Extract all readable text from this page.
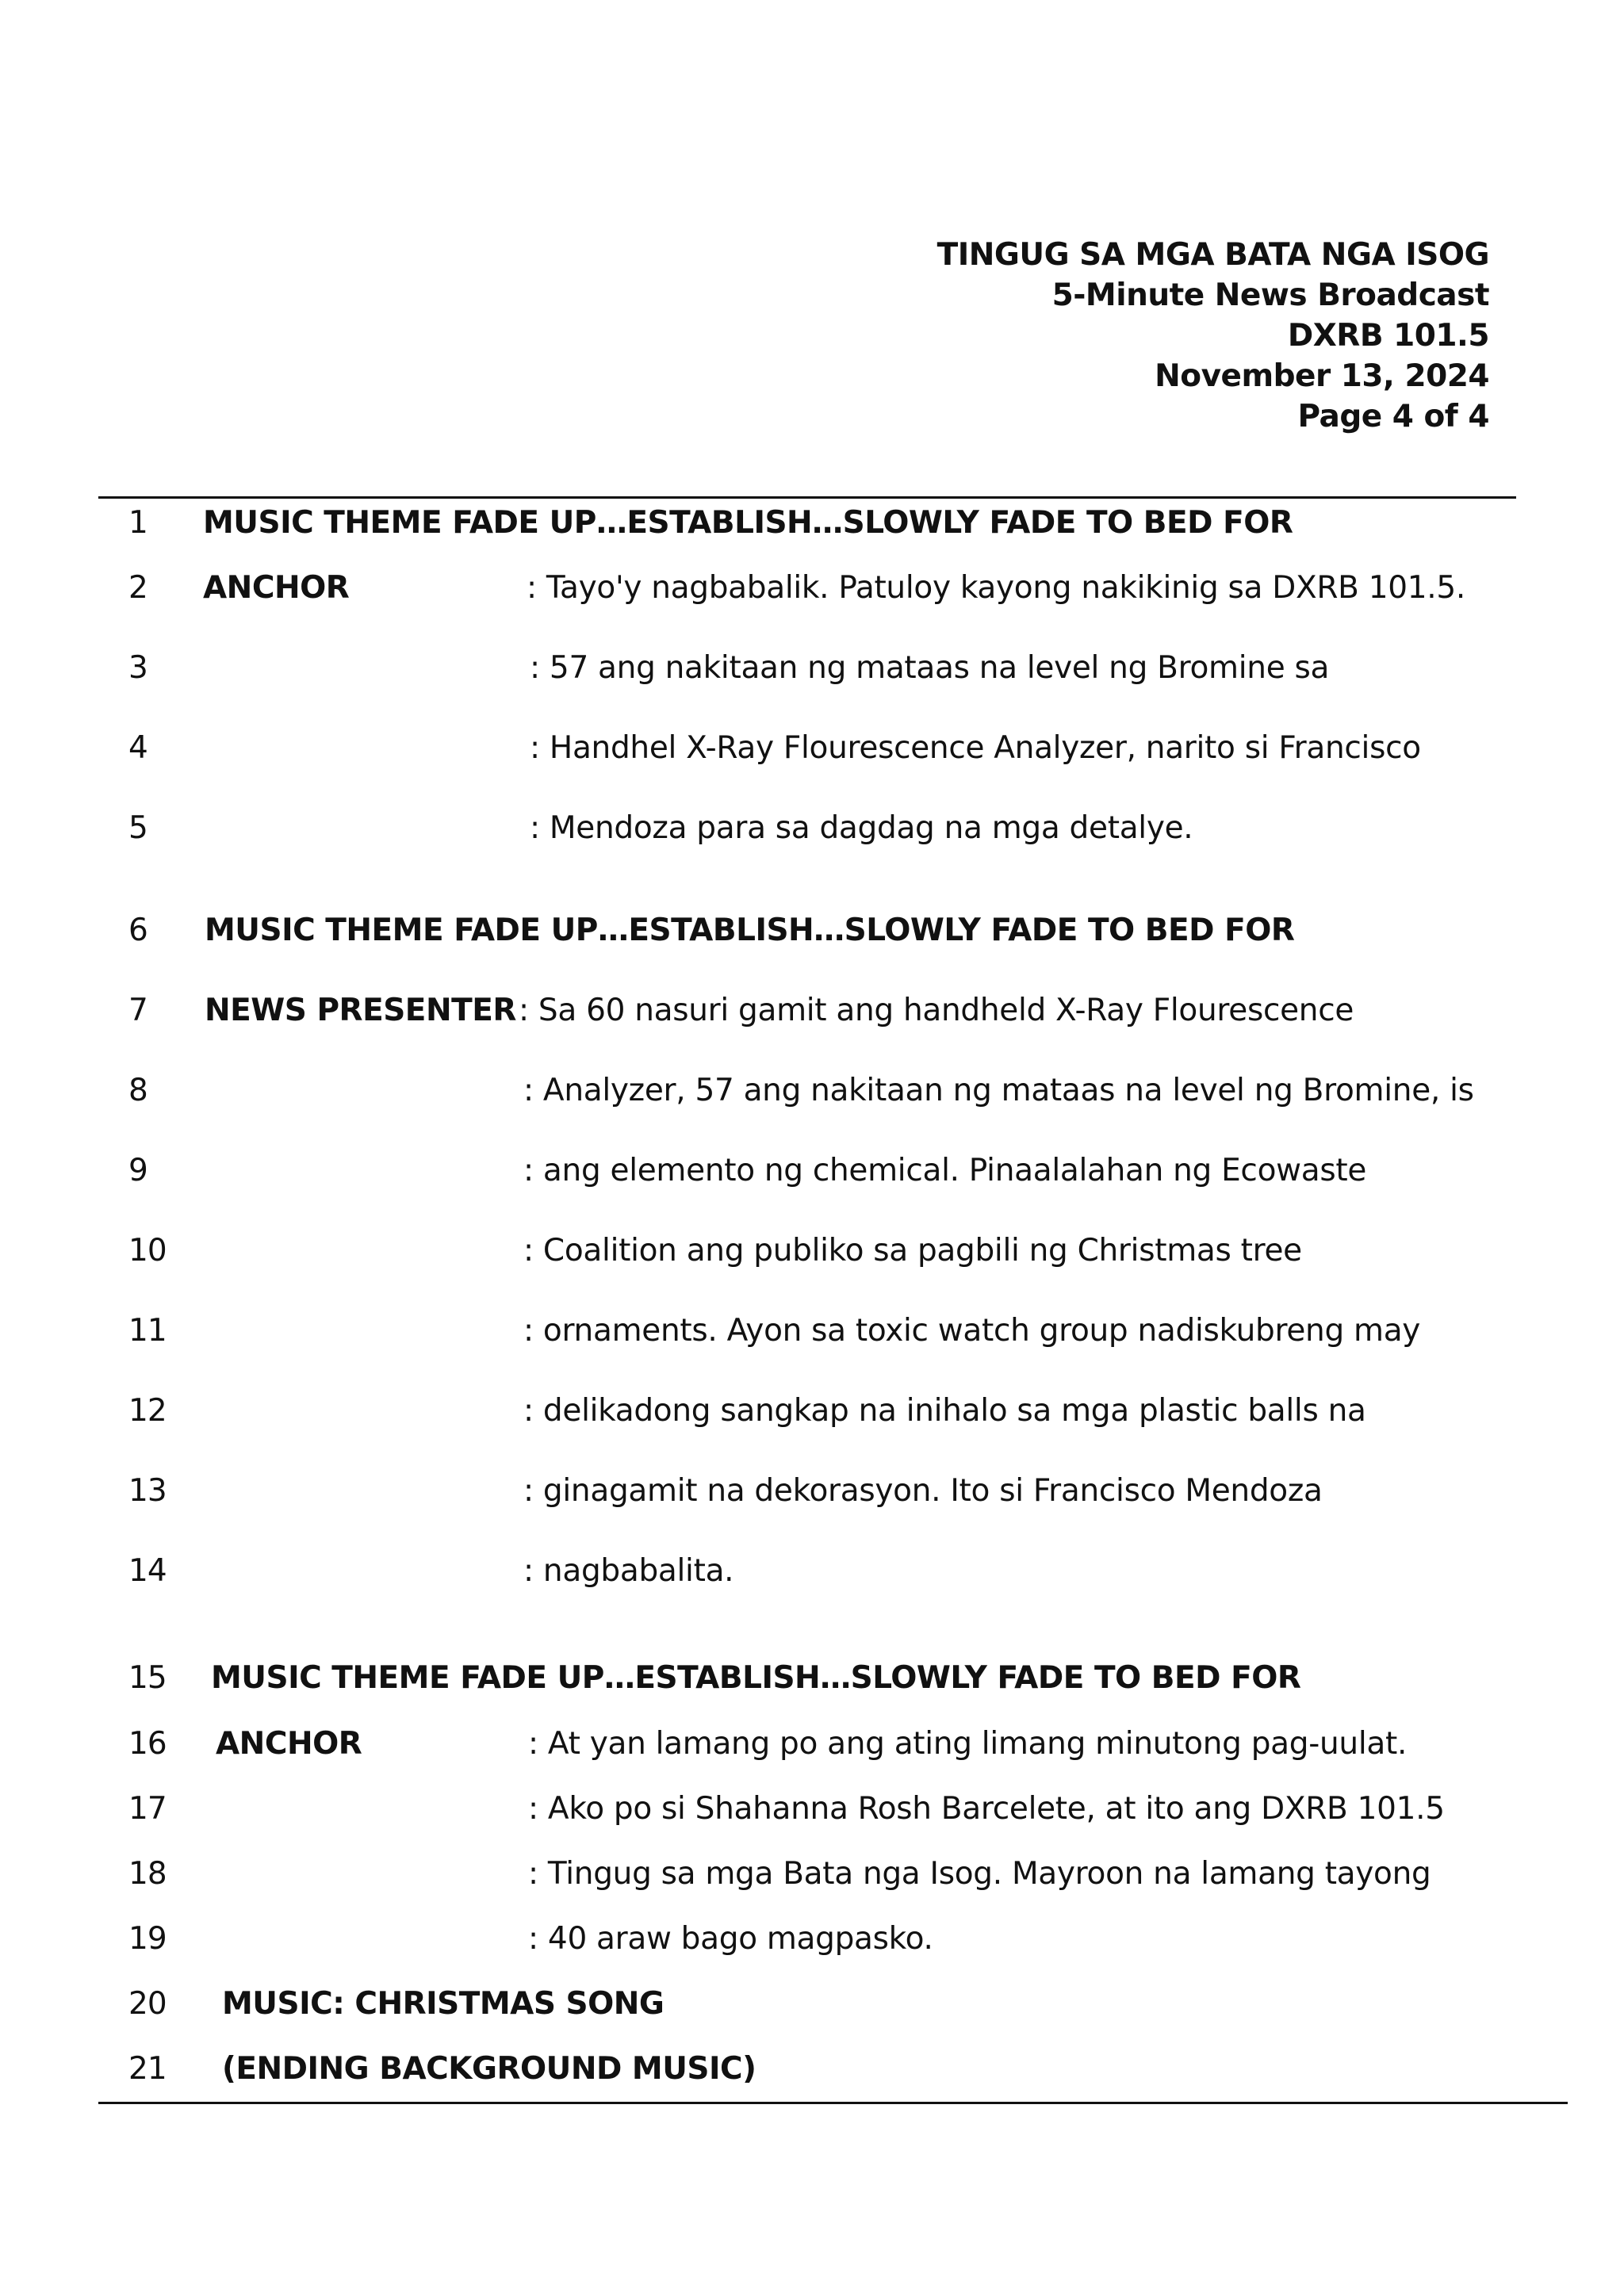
TINGUG SA MGA BATA NGA ISOG
5-Minute News Broadcast
DXRB 101.5
November 13, 2024
Page 4 of 4
1	MUSIC THEME FADE UP…ESTABLISH…SLOWLY FADE TO BED FOR
2	ANCHOR	: Tayo'y nagbabalik. Patuloy kayong nakikinig sa DXRB 101.5.
3	: 57 ang nakitaan ng mataas na level ng Bromine sa
4	: Handhel X-Ray Flourescence Analyzer, narito si Francisco
5	: Mendoza para sa dagdag na mga detalye.
6	MUSIC THEME FADE UP…ESTABLISH…SLOWLY FADE TO BED FOR
7	NEWS PRESENTER : Sa 60 nasuri gamit ang handheld X-Ray Flourescence
8	: Analyzer, 57 ang nakitaan ng mataas na level ng Bromine, is
9	: ang elemento ng chemical. Pinaalalahan ng Ecowaste
10	: Coalition ang publiko sa pagbili ng Christmas tree
11	: ornaments. Ayon sa toxic watch group nadiskubreng may
12	: delikadong sangkap na inihalo sa mga plastic balls na
13	: ginagamit na dekorasyon. Ito si Francisco Mendoza
14	: nagbabalita.
15	MUSIC THEME FADE UP…ESTABLISH…SLOWLY FADE TO BED FOR
16	ANCHOR	: At yan lamang po ang ating limang minutong pag-uulat.
17	: Ako po si Shahanna Rosh Barcelete, at ito ang DXRB 101.5
18	: Tingug sa mga Bata nga Isog. Mayroon na lamang tayong
19	: 40 araw bago magpasko.
20	MUSIC: CHRISTMAS SONG
21	(ENDING BACKGROUND MUSIC)
